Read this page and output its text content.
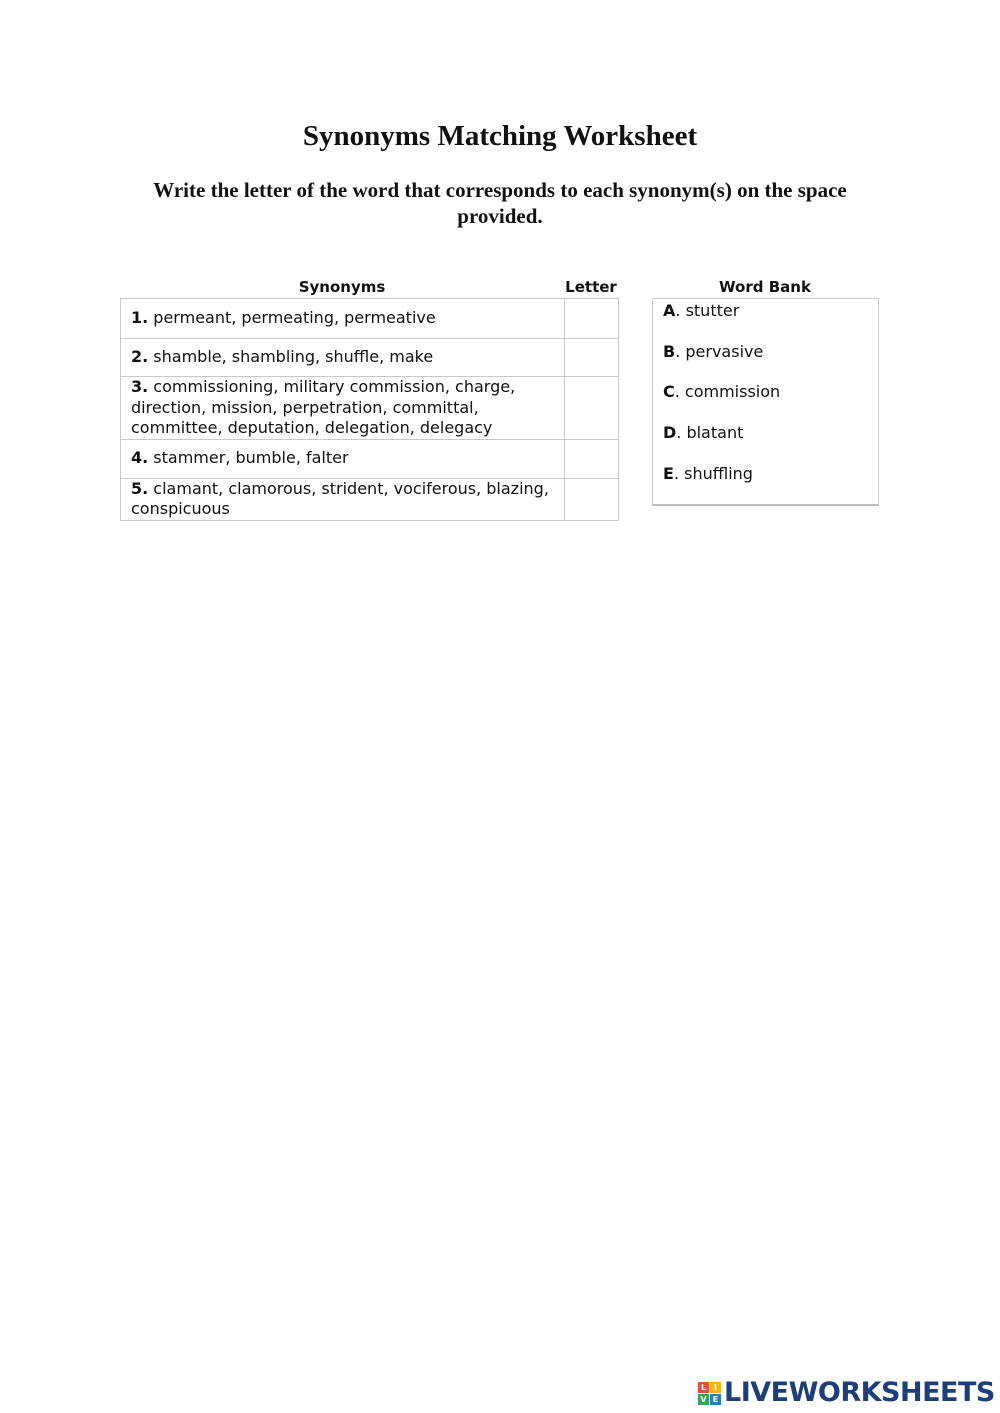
Synonyms Matching Worksheet

Write the letter of the word that corresponds to each synonym(s) on the space provided.

Synonyms	Letter	Word Bank
1. permeant, permeating, permeative	
2. shamble, shambling, shuffle, make	
3. commissioning, military commission, charge, direction, mission, perpetration, committal, committee, deputation, delegation, delegacy	
4. stammer, bumble, falter	
5. clamant, clamorous, strident, vociferous, blazing, conspicuous	
A. stutter
B. pervasive
C. commission
D. blatant
E. shuffling
L I
V E LIVEWORKSHEETS
